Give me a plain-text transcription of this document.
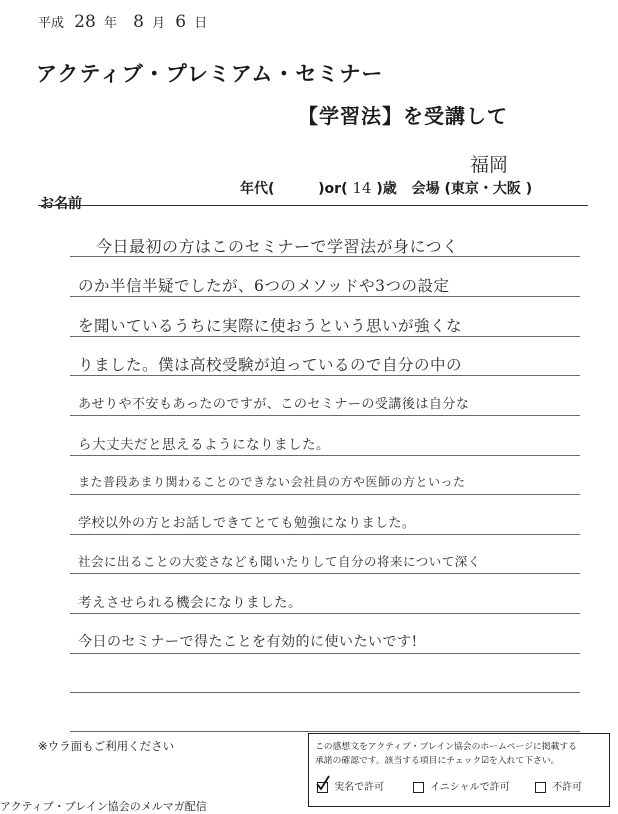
平成 28 年 8 月 6 日
アクティブ・プレミアム・セミナー
【学習法】を受講して
福岡
お名前
年代(	)or( 14 )歳 会場 (東京・大阪 )
今日最初の方はこのセミナーで学習法が身につく
のか半信半疑でしたが、6つのメソッドや3つの設定
を聞いているうちに実際に使おうという思いが強くな
りました。僕は高校受験が迫っているので自分の中の
あせりや不安もあったのですが、このセミナーの受講後は自分な
ら大丈夫だと思えるようになりました。
また普段あまり関わることのできない会社員の方や医師の方といった
学校以外の方とお話しできてとても勉強になりました。
社会に出ることの大変さなども聞いたりして自分の将来について深く
考えさせられる機会になりました。
今日のセミナーで得たことを有効的に使いたいです!
※ウラ面もご利用ください
アクティブ・ブレイン協会のメルマガ配信
この感想文をアクティブ・ブレイン協会のホームページに掲載する
承諾の確認です。該当する項目にチェック☑を入れて下さい。
実名で許可	イニシャルで許可	不許可
